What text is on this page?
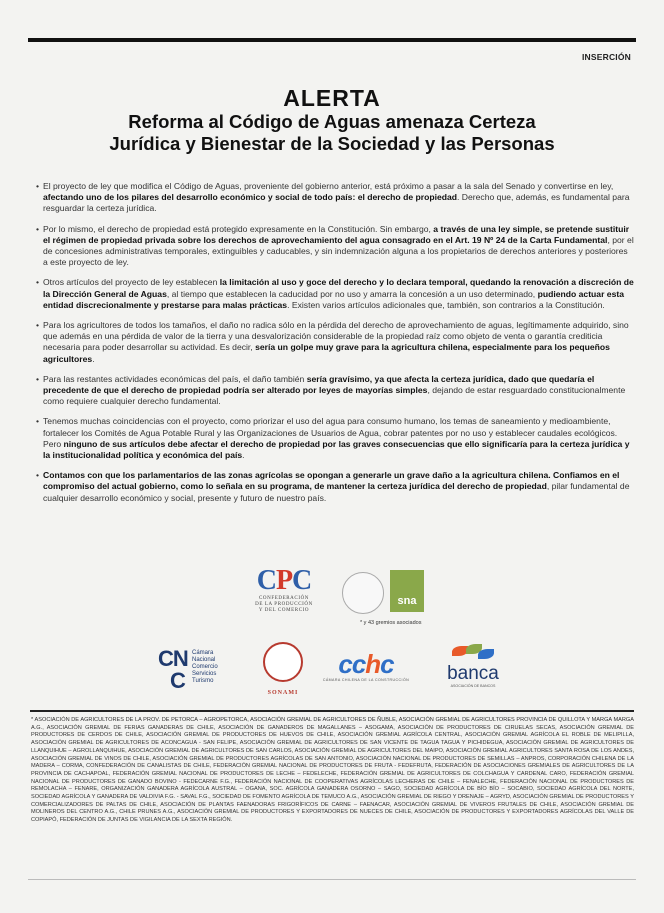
INSERCIÓN
ALERTA
Reforma al Código de Aguas amenaza Certeza
Jurídica y Bienestar de la Sociedad y las Personas

• El proyecto de ley que modifica el Código de Aguas, proveniente del gobierno anterior, está próximo a pasar a la sala del Senado y convertirse en ley, afectando uno de los pilares del desarrollo económico y social de todo país: el derecho de propiedad. Derecho que, además, es fundamental para resguardar la certeza jurídica.

• Por lo mismo, el derecho de propiedad está protegido expresamente en la Constitución. Sin embargo, a través de una ley simple, se pretende sustituir el régimen de propiedad privada sobre los derechos de aprovechamiento del agua consagrado en el Art. 19 Nº 24 de la Carta Fundamental, por el de concesiones administrativas temporales, extinguibles y caducables, y sin indemnización alguna a los propietarios de derechos anteriores y posteriores a este proyecto de ley.

• Otros artículos del proyecto de ley establecen la limitación al uso y goce del derecho y lo declara temporal, quedando la renovación a discreción de la Dirección General de Aguas, al tiempo que establecen la caducidad por no uso y amarra la concesión a un uso determinado, pudiendo actuar esta entidad discrecionalmente y prestarse para malas prácticas. Existen varios artículos adicionales que, también, son contrarios a la Constitución.

• Para los agricultores de todos los tamaños, el daño no radica sólo en la pérdida del derecho de aprovechamiento de aguas, legítimamente adquirido, sino que además en una pérdida de valor de la tierra y una desvalorización considerable de la propiedad raíz como objeto de venta o garantía crediticia necesaria para poder desarrollar su actividad. Es decir, sería un golpe muy grave para la agricultura chilena, especialmente para los pequeños agricultores.

• Para las restantes actividades económicas del país, el daño también sería gravísimo, ya que afecta la certeza jurídica, dado que quedaría el precedente de que el derecho de propiedad podría ser alterado por leyes de mayorías simples, dejando de estar resguardado constitucionalmente como requiere cualquier derecho fundamental.

• Tenemos muchas coincidencias con el proyecto, como priorizar el uso del agua para consumo humano, los temas de saneamiento y medioambiente, fortalecer los Comités de Agua Potable Rural y las Organizaciones de Usuarios de Agua, cobrar patentes por no uso y establecer caudales ecológicos. Pero ninguno de sus artículos debe afectar el derecho de propiedad por las graves consecuencias que ello significaría para la certeza jurídica y la institucionalidad política y económica del país.

• Contamos con que los parlamentarios de las zonas agrícolas se opongan a generarle un grave daño a la agricultura chilena. Confiamos en el compromiso del actual gobierno, como lo señala en su programa, de mantener la certeza jurídica del derecho de propiedad, pilar fundamental de cualquier desarrollo económico y social, presente y futuro de nuestro país.

CPC
CONFEDERACIÓN
DE LA PRODUCCIÓN
Y DEL COMERCIO
sna
* y 43 gremios asociados
CN
C
Cámara
Nacional
Comercio
Servicios
Turismo
SONAMI
cchc
CÁMARA CHILENA DE LA CONSTRUCCIÓN	banca
ASOCIACIÓN DE BANCOS
* ASOCIACIÓN DE AGRICULTORES DE LA PROV. DE PETORCA – AGROPETORCA, ASOCIACIÓN GREMIAL DE AGRICULTORES DE ÑUBLE, ASOCIACIÓN GREMIAL DE AGRICULTORES PROVINCIA DE QUILLOTA Y MARGA MARGA A.G., ASOCIACIÓN GREMIAL DE FERIAS GANADERAS DE CHILE, ASOCIACIÓN DE GANADEROS DE MAGALLANES – ASOGAMA, ASOCIACIÓN DE PRODUCTORES DE CIRUELAS SECAS, ASOCIACIÓN GREMIAL DE PRODUCTORES DE CERDOS DE CHILE, ASOCIACIÓN GREMIAL DE PRODUCTORES DE HUEVOS DE CHILE, ASOCIACIÓN GREMIAL AGRÍCOLA CENTRAL, ASOCIACIÓN GREMIAL AGRÍCOLA EL ROBLE DE MELIPILLA, ASOCIACIÓN GREMIAL DE AGRICULTORES DE ACONCAGUA - SAN FELIPE, ASOCIACIÓN GREMIAL DE AGRICULTORES DE SAN VICENTE DE TAGUA TAGUA Y PICHIDEGUA, ASOCIACIÓN GREMIAL DE AGRICULTORES DE LLANQUIHUE – AGROLLANQUIHUE, ASOCIACIÓN GREMIAL DE AGRICULTORES DE SAN CARLOS, ASOCIACIÓN GREMIAL DE AGRICULTORES DEL MAIPO, ASOCIACIÓN GREMIAL AGRICULTORES SANTA ROSA DE LOS ANDES, ASOCIACIÓN GREMIAL DE VINOS DE CHILE, ASOCIACIÓN GREMIAL DE PRODUCTORES AGRÍCOLAS DE SAN ANTONIO, ASOCIACIÓN NACIONAL DE PRODUCTORES DE SEMILLAS – ANPROS, CORPORACIÓN CHILENA DE LA MADERA – CORMA, CONFEDERACIÓN DE CANALISTAS DE CHILE, FEDERACIÓN GREMIAL NACIONAL DE PRODUCTORES DE FRUTA - FEDEFRUTA, FEDERACIÓN DE ASOCIACIONES GREMIALES DE AGRICULTORES DE LA PROVINCIA DE CACHAPOAL, FEDERACIÓN GREMIAL NACIONAL DE PRODUCTORES DE LECHE – FEDELECHE, FEDERACIÓN GREMIAL DE AGRICULTORES DE COLCHAGUA Y CARDENAL CARO, FEDERACIÓN GREMIAL NACIONAL DE PRODUCTORES DE GANADO BOVINO - FEDECARNE F.G., FEDERACIÓN NACIONAL DE COOPERATIVAS AGRÍCOLAS LECHERAS DE CHILE – FENALECHE, FEDERACIÓN NACIONAL DE PRODUCTORES DE REMOLACHA – FENARE, ORGANIZACIÓN GANADERA AGRÍCOLA AUSTRAL – OGANA, SOC. AGRÍCOLA GANADERA OSORNO – SAGO, SOCIEDAD AGRÍCOLA DE BÍO BÍO – SOCABIO, SOCIEDAD AGRÍCOLA DEL NORTE, SOCIEDAD AGRÍCOLA Y GANADERA DE VALDIVIA F.G. - SAVAL F.G., SOCIEDAD DE FOMENTO AGRÍCOLA DE TEMUCO A.G., ASOCIACIÓN GREMIAL DE RIEGO Y DRENAJE – AGRYD, ASOCIACIÓN GREMIAL DE PRODUCTORES Y COMERCIALIZADORES DE PALTAS DE CHILE, ASOCIACIÓN DE PLANTAS FAENADORAS FRIGORÍFICOS DE CARNE – FAENACAR, ASOCIACIÓN GREMIAL DE VIVEROS FRUTALES DE CHILE, ASOCIACIÓN GREMIAL DE MOLINEROS DEL CENTRO A.G., CHILE PRUNES A.G., ASOCIACIÓN GREMIAL DE PRODUCTORES Y EXPORTADORES DE NUECES DE CHILE, ASOCIACIÓN DE PRODUCTORES Y EXPORTADORES AGRÍCOLAS DEL VALLE DE COPIAPÓ, FEDERACIÓN DE JUNTAS DE VIGILANCIA DE LA SEXTA REGIÓN.
